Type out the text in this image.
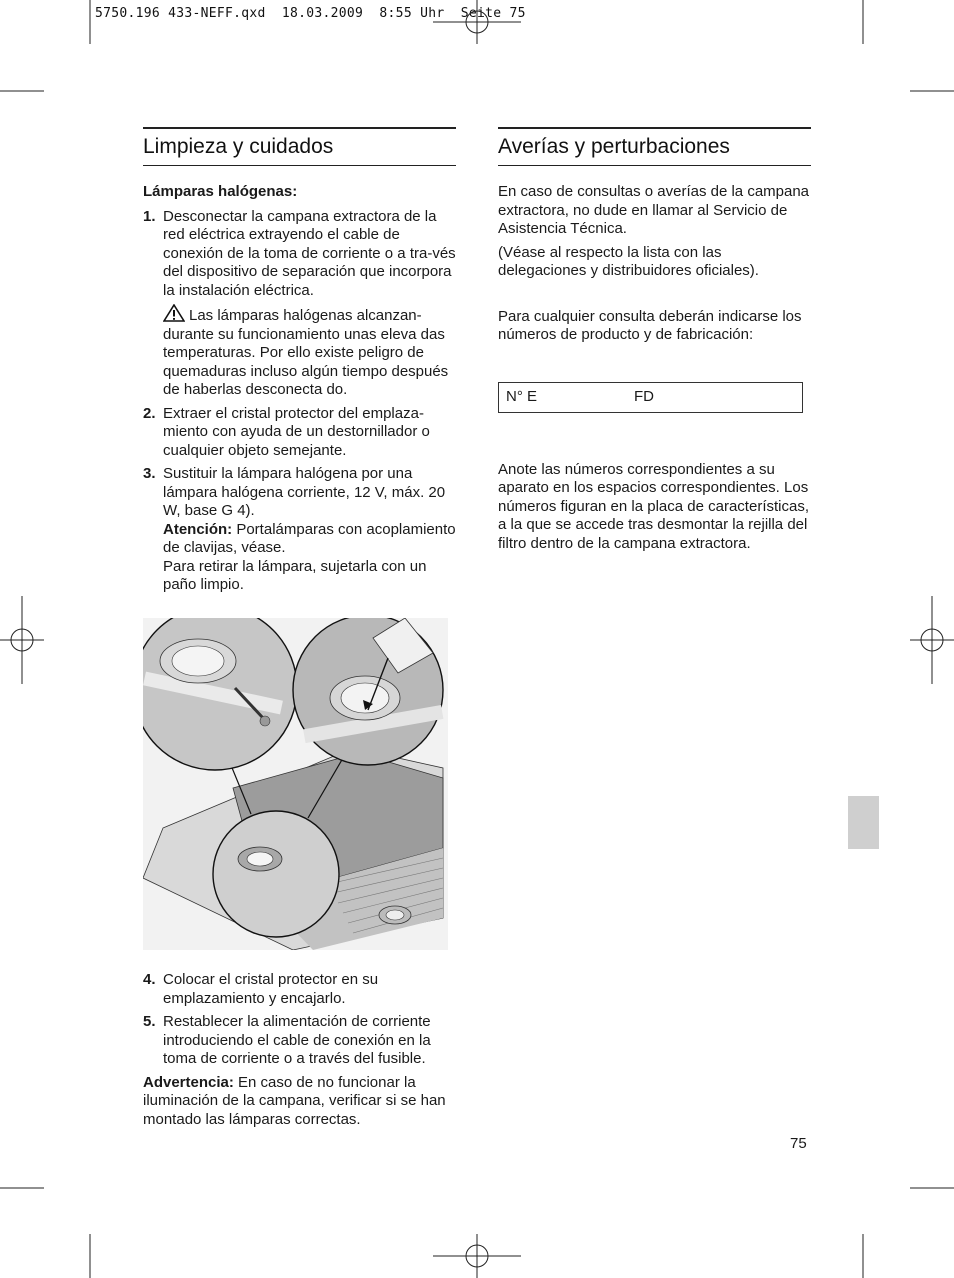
5750.196 433-NEFF.qxd  18.03.2009  8:55 Uhr  Seite 75
Limpieza y cuidados
Lámparas halógenas:
1. Desconectar la campana extractora de la red eléctrica extrayendo el cable de conexión de la toma de corriente o a tra-vés del dispositivo de separación que incorpora la instalación eléctrica.
Las lámparas halógenas alcanzan-durante su funcionamiento unas eleva das temperaturas. Por ello existe peligro de quemaduras incluso algún tiempo después de haberlas desconecta do.
2. Extraer el cristal protector del emplaza-miento con ayuda de un destornillador o cualquier objeto semejante.
3. Sustituir la lámpara halógena por una lámpara halógena corriente, 12 V, máx. 20 W, base G 4).
Atención: Portalámparas con acoplamiento de clavijas, véase.
Para retirar la lámpara, sujetarla con un paño limpio.
4. Colocar el cristal protector en su emplazamiento y encajarlo.
5. Restablecer la alimentación de corriente introduciendo el cable de conexión en la toma de corriente o a través del fusible.
Advertencia: En caso de no funcionar la iluminación de la campana, verificar si se han montado las lámparas correctas.
Averías y perturbaciones
En caso de consultas o averías de la campana extractora, no dude en llamar al Servicio de Asistencia Técnica.
(Véase al respecto la lista con las delegaciones y distribuidores oficiales).
Para cualquier consulta deberán indicarse los números de producto y de fabricación:
N° E	FD
Anote las números correspondientes a su aparato en los espacios correspondientes. Los números figuran en la placa de características, a la que se accede tras desmontar la rejilla del filtro dentro de la campana extractora.
75
